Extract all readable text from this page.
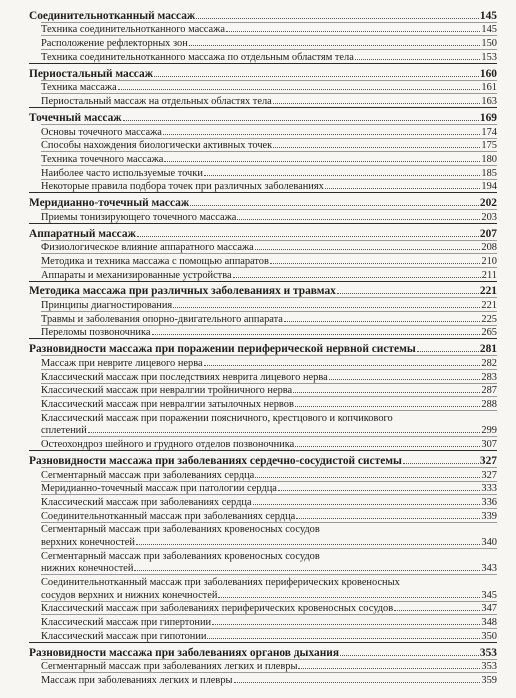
Соединительнотканный массаж	145
Техника соединительнотканного массажа	145
Расположение рефлекторных зон	150
Техника соединительнотканного массажа по отдельным областям тела	153
Периостальный массаж	160
Техника массажа	161
Периостальный массаж на отдельных областях тела	163
Точечный массаж	169
Основы точечного массажа	174
Способы нахождения биологически активных точек	175
Техника точечного массажа	180
Наиболее часто используемые точки	185
Некоторые правила подбора точек при различных заболеваниях	194
Меридианно-точечный массаж	202
Приемы тонизирующего точечного массажа	203
Аппаратный массаж	207
Физиологическое влияние аппаратного массажа	208
Методика и техника массажа с помощью аппаратов	210
Аппараты и механизированные устройства	211
Методика массажа при различных заболеваниях и травмах	221
Принципы диагностирования	221
Травмы и заболевания опорно-двигательного аппарата	225
Переломы позвоночника	265
Разновидности массажа при поражении периферической нервной системы	281
Массаж при неврите лицевого нерва	282
Классический массаж при последствиях неврита лицевого нерва	283
Классический массаж при невралгии тройничного нерва	287
Классический массаж при невралгии затылочных нервов	288
Классический массаж при поражении поясничного, крестцового и копчикового
сплетений	299
Остеохондроз шейного и грудного отделов позвоночника	307
Разновидности массажа при заболеваниях сердечно-сосудистой системы	327
Сегментарный массаж при заболеваниях сердца	327
Меридианно-точечный массаж при патологии сердца	333
Классический массаж при заболеваниях сердца	336
Соединительнотканный массаж при заболеваниях сердца	339
Сегментарный массаж при заболеваниях кровеносных сосудов
верхних конечностей	340
Сегментарный массаж при заболеваниях кровеносных сосудов
нижних конечностей	343
Соединительнотканный массаж при заболеваниях периферических кровеносных
сосудов верхних и нижних конечностей	345
Классический массаж при заболеваниях периферических кровеносных сосудов	347
Классический массаж при гипертонии	348
Классический массаж при гипотонии	350
Разновидности массажа при заболеваниях органов дыхания	353
Сегментарный массаж при заболеваниях легких и плевры	353
Массаж при заболеваниях легких и плевры	359
